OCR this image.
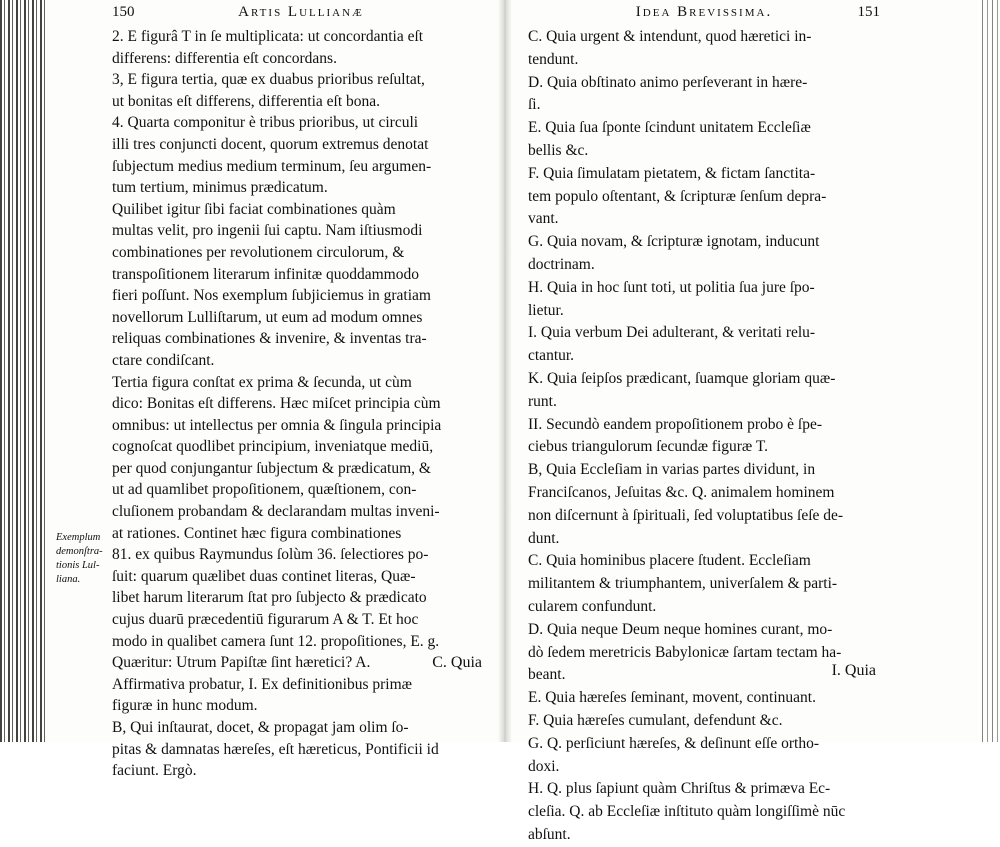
Exemplum
demonſtra-
tionis Lul-
liana.
150	Artis Lullianæ
2. E figurâ T in ſe multiplicata: ut concordantia eſt
differens: differentia eſt concordans.
3, E figura tertia, quæ ex duabus prioribus reſultat,
ut bonitas eſt differens, differentia eſt bona.
4. Quarta componitur è tribus prioribus, ut circuli
illi tres conjuncti docent, quorum extremus denotat
ſubjectum medius medium terminum, ſeu argumen-
tum tertium, minimus prædicatum.
Quilibet igitur ſibi faciat combinationes quàm
multas velit, pro ingenii ſui captu. Nam iſtiusmodi
combinationes per revolutionem circulorum, &
transpoſitionem literarum infinitæ quoddammodo
fieri poſſunt. Nos exemplum ſubjiciemus in gratiam
novellorum Lulliſtarum, ut eum ad modum omnes
reliquas combinationes & invenire, & inventas tra-
ctare condiſcant.
Tertia figura conſtat ex prima & ſecunda, ut cùm
dico: Bonitas eſt differens. Hæc miſcet principia cùm
omnibus: ut intellectus per omnia & ſingula principia
cognoſcat quodlibet principium, inveniatque mediū,
per quod conjungantur ſubjectum & prædicatum, &
ut ad quamlibet propoſitionem, quæſtionem, con-
cluſionem probandam & declarandam multas inveni-
at rationes. Continet hæc figura combinationes
81. ex quibus Raymundus ſolùm 36. ſelectiores po-
ſuit: quarum quælibet duas continet literas, Quæ-
libet harum literarum ſtat pro ſubjecto & prædicato
cujus duarū præcedentiū figurarum A & T. Et hoc
modo in qualibet camera ſunt 12. propoſitiones, E. g.
Quæritur: Utrum Papiſtæ ſint hæretici? A.
Affirmativa probatur, I. Ex definitionibus primæ
figuræ in hunc modum.
B, Qui inſtaurat, docet, & propagat jam olim ſo-
pitas & damnatas hæreſes, eſt hæreticus, Pontificii id
faciunt. Ergò.
C. Quia
Idea Brevissima.	151
C. Quia urgent & intendunt, quod hæretici in-
tendunt.
D. Quia obſtinato animo perſeverant in hære-
ſi.
E. Quia ſua ſponte ſcindunt unitatem Eccleſiæ
bellis &c.
F. Quia ſimulatam pietatem, & fictam ſanctita-
tem populo oſtentant, & ſcripturæ ſenſum depra-
vant.
G. Quia novam, & ſcripturæ ignotam, inducunt
doctrinam.
H. Quia in hoc ſunt toti, ut politia ſua jure ſpo-
lietur.
I. Quia verbum Dei adulterant, & veritati relu-
ctantur.
K. Quia ſeipſos prædicant, ſuamque gloriam quæ-
runt.
II. Secundò eandem propoſitionem probo è ſpe-
ciebus triangulorum ſecundæ figuræ T.
B, Quia Eccleſiam in varias partes dividunt, in
Franciſcanos, Jeſuitas &c. Q. animalem hominem
non diſcernunt à ſpirituali, ſed voluptatibus ſeſe de-
dunt.
C. Quia hominibus placere ſtudent. Eccleſiam
militantem & triumphantem, univerſalem & parti-
cularem confundunt.
D. Quia neque Deum neque homines curant, mo-
dò ſedem meretricis Babylonicæ ſartam tectam ha-
beant.
E. Quia hæreſes ſeminant, movent, continuant.
F. Quia hæreſes cumulant, defendunt &c.
G. Q. perſiciunt hæreſes, & deſinunt eſſe ortho-
doxi.
H. Q. plus ſapiunt quàm Chriſtus & primæva Ec-
cleſia. Q. ab Eccleſiæ inſtituto quàm longiſſimè nūc
abſunt.
I. Quia
